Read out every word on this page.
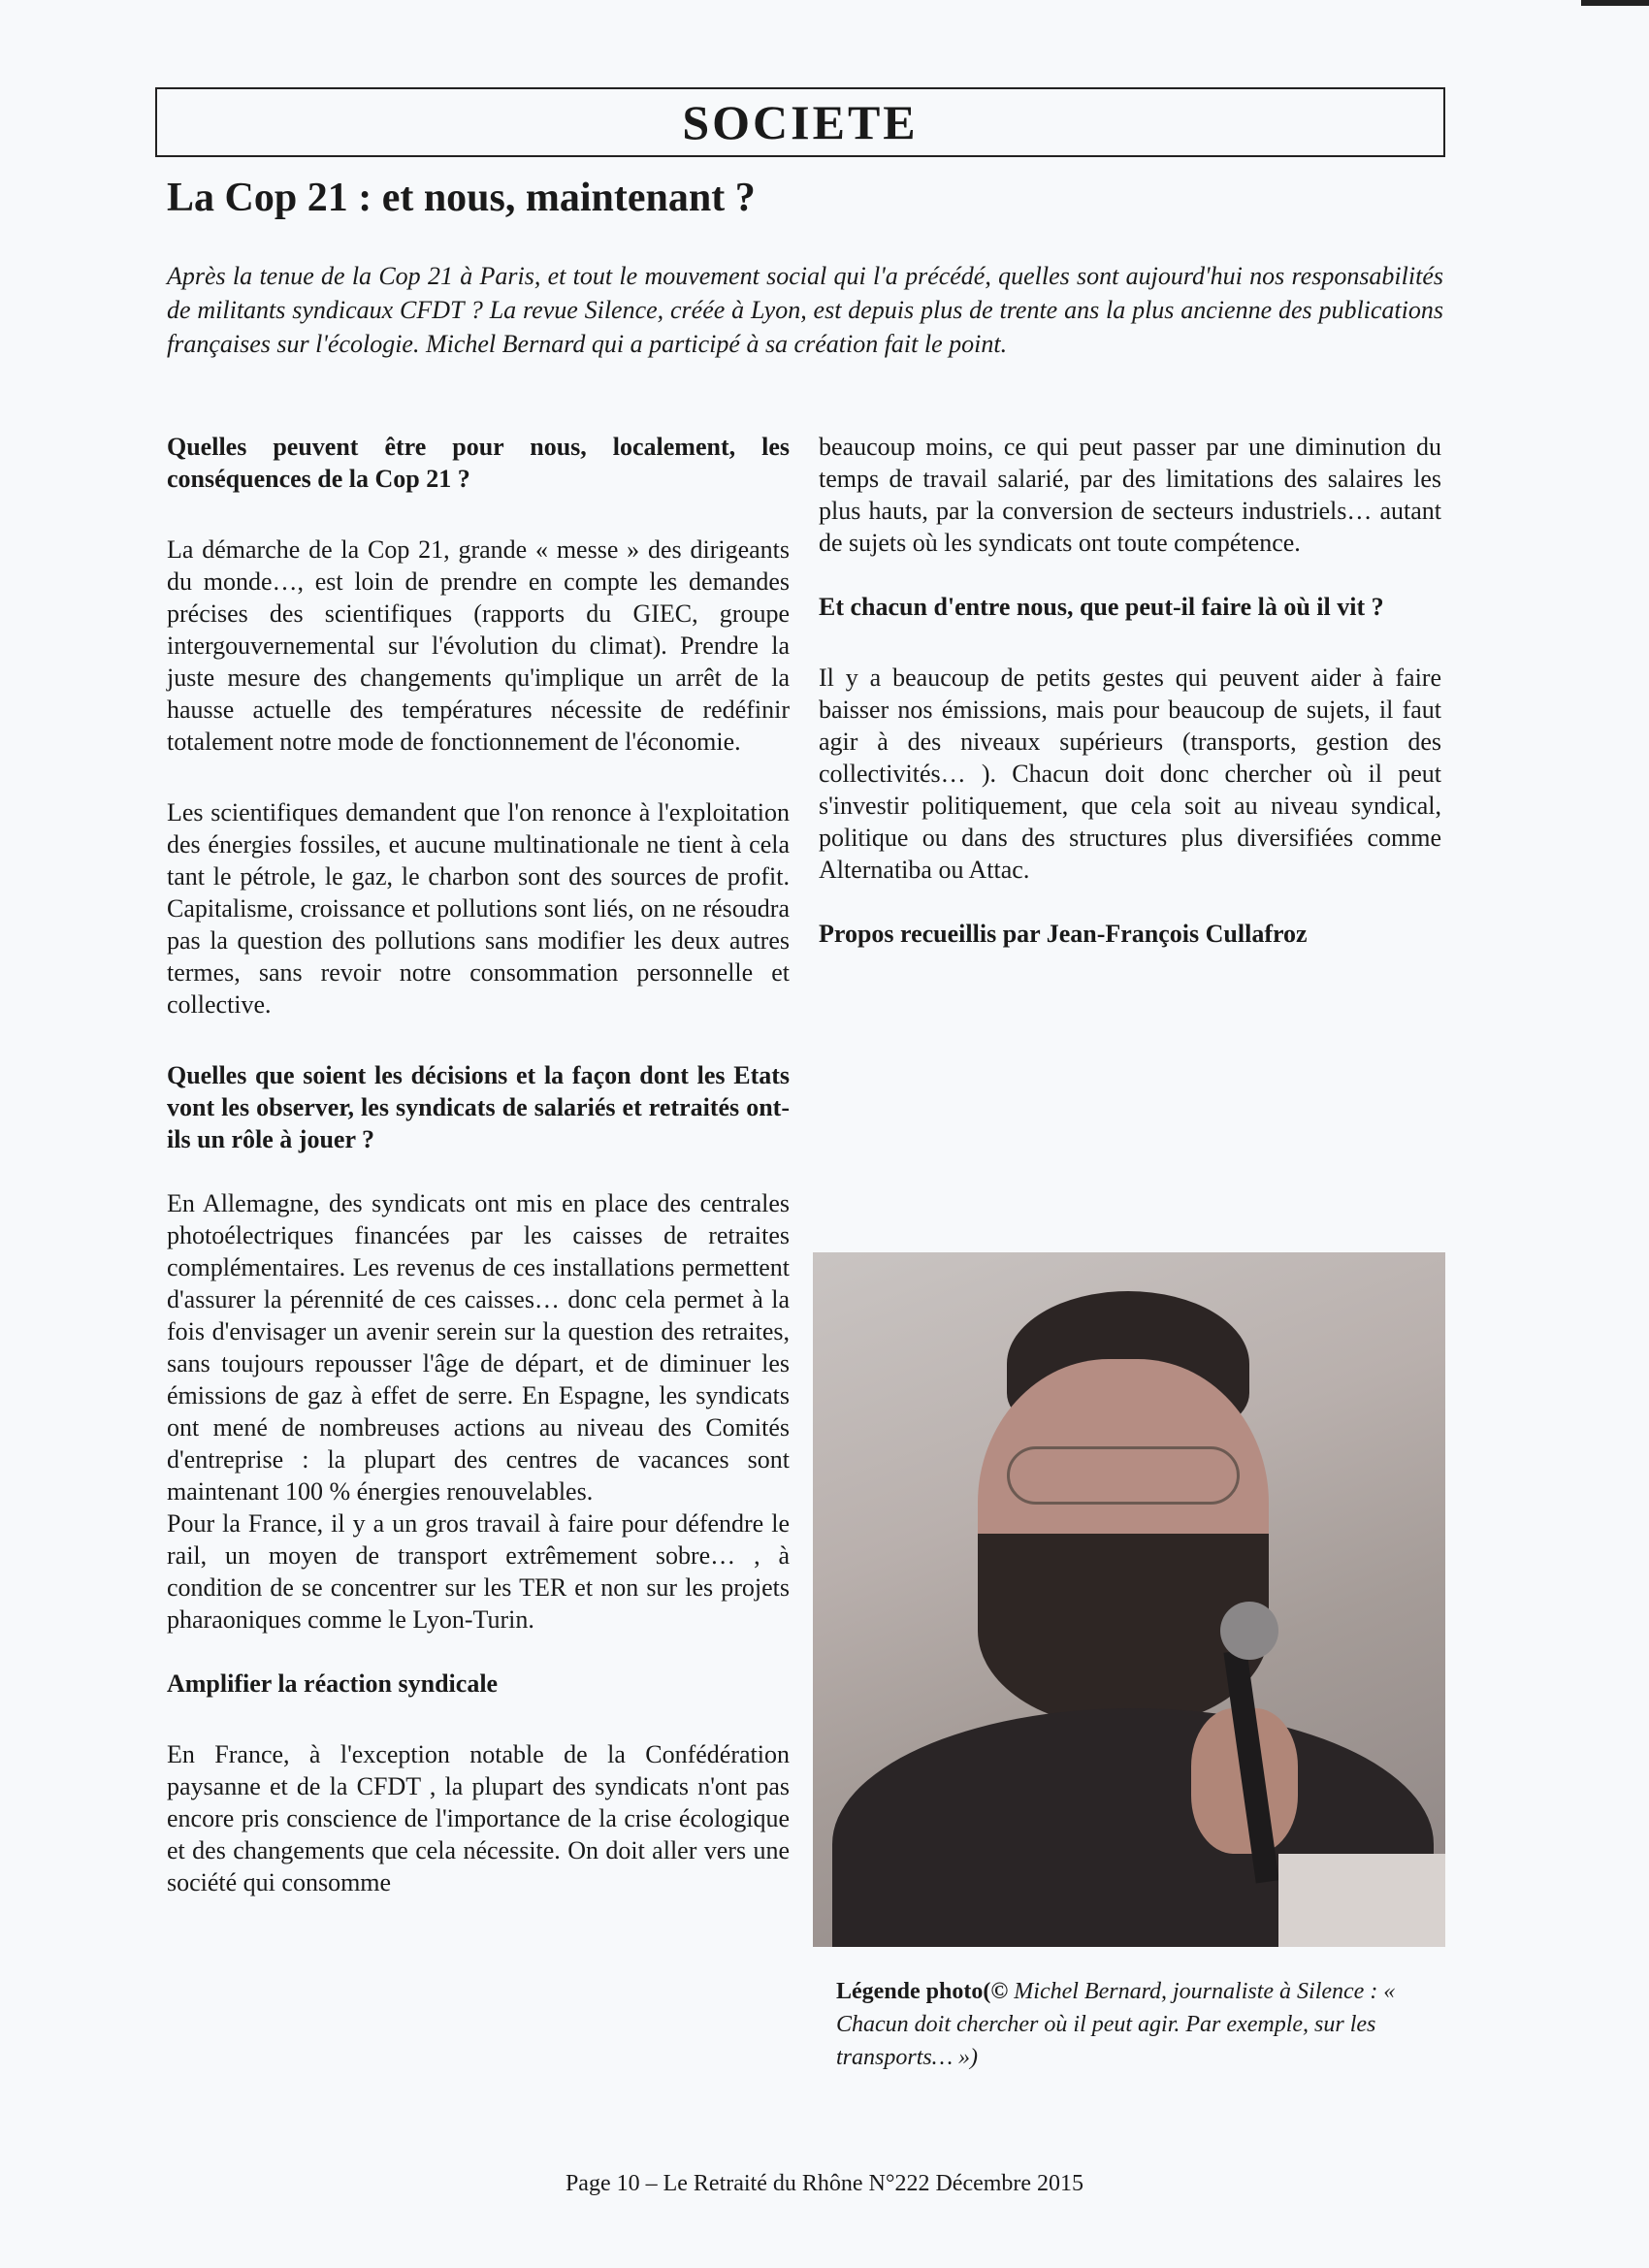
SOCIETE
La Cop 21 : et nous, maintenant ?

Après la tenue de la Cop 21 à Paris, et tout le mouvement social qui l'a précédé, quelles sont aujourd'hui nos responsabilités de militants syndicaux CFDT ? La revue Silence, créée à Lyon, est depuis plus de trente ans la plus ancienne des publications françaises sur l'écologie. Michel Bernard qui a participé à sa création fait le point.

Quelles peuvent être pour nous, localement, les conséquences de la Cop 21 ?

La démarche de la Cop 21, grande « messe » des dirigeants du monde…, est loin de prendre en compte les demandes précises des scientifiques (rapports du GIEC, groupe intergouvernemental sur l'évolution du climat). Prendre la juste mesure des changements qu'implique un arrêt de la hausse actuelle des températures nécessite de redéfinir totalement notre mode de fonctionnement de l'économie.

Les scientifiques demandent que l'on renonce à l'exploitation des énergies fossiles, et aucune multinationale ne tient à cela tant le pétrole, le gaz, le charbon sont des sources de profit. Capitalisme, croissance et pollutions sont liés, on ne résoudra pas la question des pollutions sans modifier les deux autres termes, sans revoir notre consommation personnelle et collective.

Quelles que soient les décisions et la façon dont les Etats vont les observer, les syndicats de salariés et retraités ont-ils un rôle à jouer ?

En Allemagne, des syndicats ont mis en place des centrales photoélectriques financées par les caisses de retraites complémentaires. Les revenus de ces installations permettent d'assurer la pérennité de ces caisses… donc cela permet à la fois d'envisager un avenir serein sur la question des retraites, sans toujours repousser l'âge de départ, et de diminuer les émissions de gaz à effet de serre. En Espagne, les syndicats ont mené de nombreuses actions au niveau des Comités d'entreprise : la plupart des centres de vacances sont maintenant 100 % énergies renouvelables.

Pour la France, il y a un gros travail à faire pour défendre le rail, un moyen de transport extrêmement sobre… , à condition de se concentrer sur les TER et non sur les projets pharaoniques comme le Lyon-Turin.

Amplifier la réaction syndicale

En France, à l'exception notable de la Confédération paysanne et de la CFDT , la plupart des syndicats n'ont pas encore pris conscience de l'importance de la crise écologique et des changements que cela nécessite. On doit aller vers une société qui consomme

beaucoup moins, ce qui peut passer par une diminution du temps de travail salarié, par des limitations des salaires les plus hauts, par la conversion de secteurs industriels… autant de sujets où les syndicats ont toute compétence.

Et chacun d'entre nous, que peut-il faire là où il vit ?

Il y a beaucoup de petits gestes qui peuvent aider à faire baisser nos émissions, mais pour beaucoup de sujets, il faut agir à des niveaux supérieurs (transports, gestion des collectivités… ). Chacun doit donc chercher où il peut s'investir politiquement, que cela soit au niveau syndical, politique ou dans des structures plus diversifiées comme Alternatiba ou Attac.

Propos recueillis par Jean-François Cullafroz

Légende photo(© Michel Bernard, journaliste à Silence : « Chacun doit chercher où il peut agir. Par exemple, sur les transports… »)

Page 10 – Le Retraité du Rhône N°222 Décembre 2015
